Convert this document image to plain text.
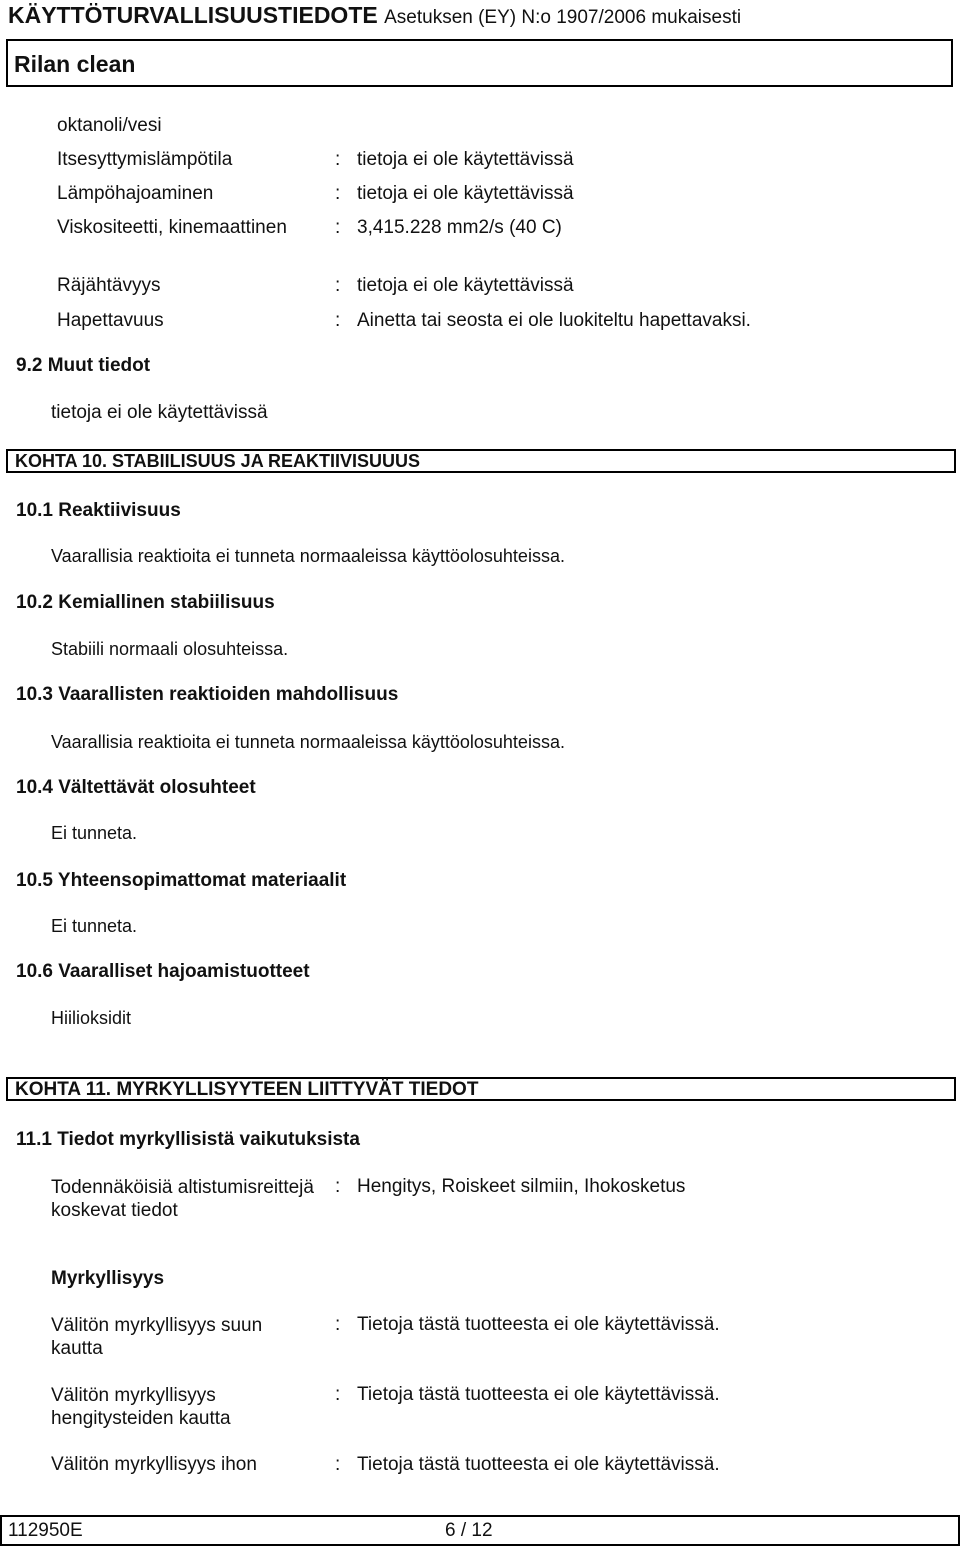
KÄYTTÖTURVALLISUUSTIEDOTE Asetuksen (EY) N:o 1907/2006 mukaisesti
Rilan clean
oktanoli/vesi
Itsesyttymislämpötila	: tietoja ei ole käytettävissä
Lämpöhajoaminen	: tietoja ei ole käytettävissä
Viskositeetti, kinemaattinen	: 3,415.228 mm2/s (40 C)
Räjähtävyys	: tietoja ei ole käytettävissä
Hapettavuus	: Ainetta tai seosta ei ole luokiteltu hapettavaksi.
9.2 Muut tiedot
tietoja ei ole käytettävissä
KOHTA 10. STABIILISUUS JA REAKTIIVISUUUS
10.1 Reaktiivisuus
Vaarallisia reaktioita ei tunneta normaaleissa käyttöolosuhteissa.
10.2 Kemiallinen stabiilisuus
Stabiili normaali olosuhteissa.
10.3 Vaarallisten reaktioiden mahdollisuus
Vaarallisia reaktioita ei tunneta normaaleissa käyttöolosuhteissa.
10.4 Vältettävät olosuhteet
Ei tunneta.
10.5 Yhteensopimattomat materiaalit
Ei tunneta.
10.6 Vaaralliset hajoamistuotteet
Hiilioksidit
KOHTA 11. MYRKYLLISYYTEEN LIITTYVÄT TIEDOT
11.1 Tiedot myrkyllisistä vaikutuksista
Todennäköisiä altistumisreittejä koskevat tiedot
: Hengitys, Roiskeet silmiin, Ihokosketus
Myrkyllisyys
Välitön myrkyllisyys suun kautta
: Tietoja tästä tuotteesta ei ole käytettävissä.
Välitön myrkyllisyys hengitysteiden kautta
: Tietoja tästä tuotteesta ei ole käytettävissä.
Välitön myrkyllisyys ihon	: Tietoja tästä tuotteesta ei ole käytettävissä.
112950E	6 / 12
